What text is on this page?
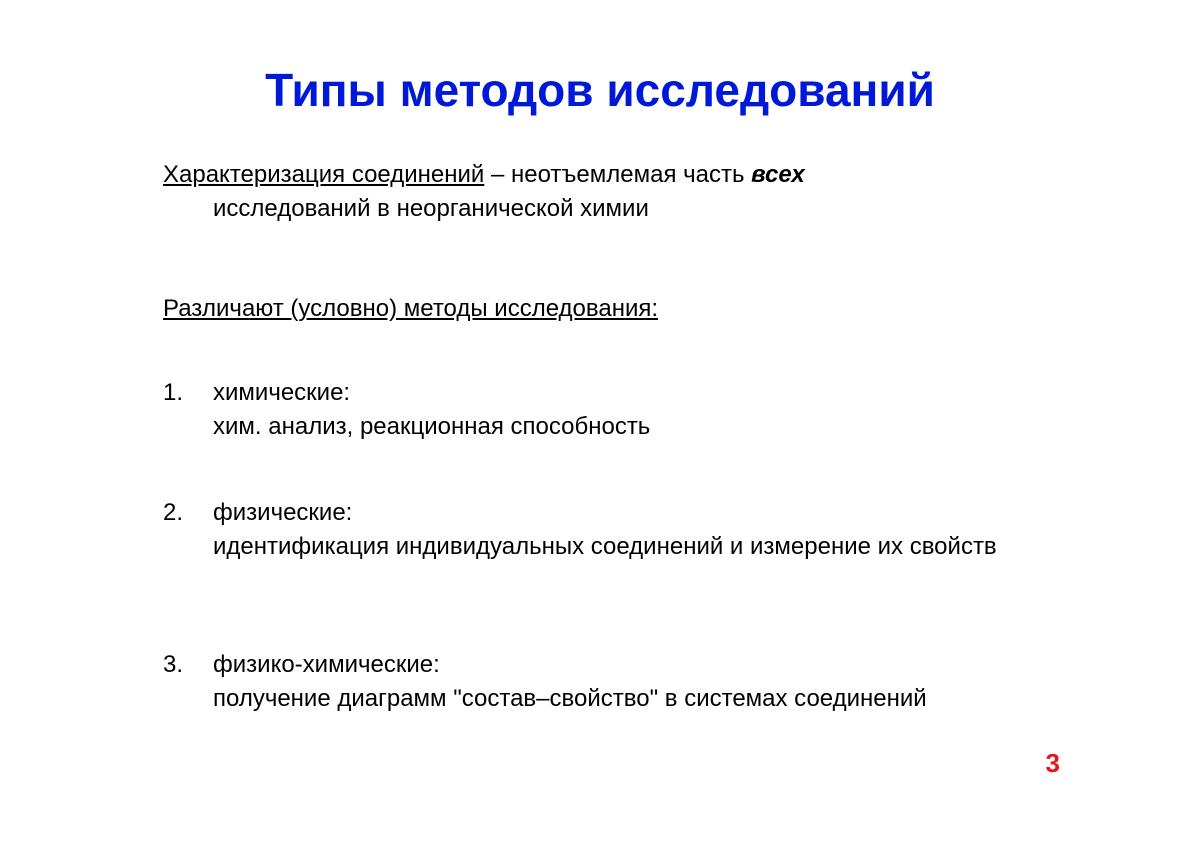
Типы методов исследований

Характеризация соединений – неотъемлемая часть всех
исследований в неорганической химии

Различают (условно) методы исследования:

1. химические:
хим. анализ, реакционная способность
2. физические:
идентификация индивидуальных соединений и измерение их свойств
3. физико-химические:
получение диаграмм "состав–свойство" в системах соединений
3
